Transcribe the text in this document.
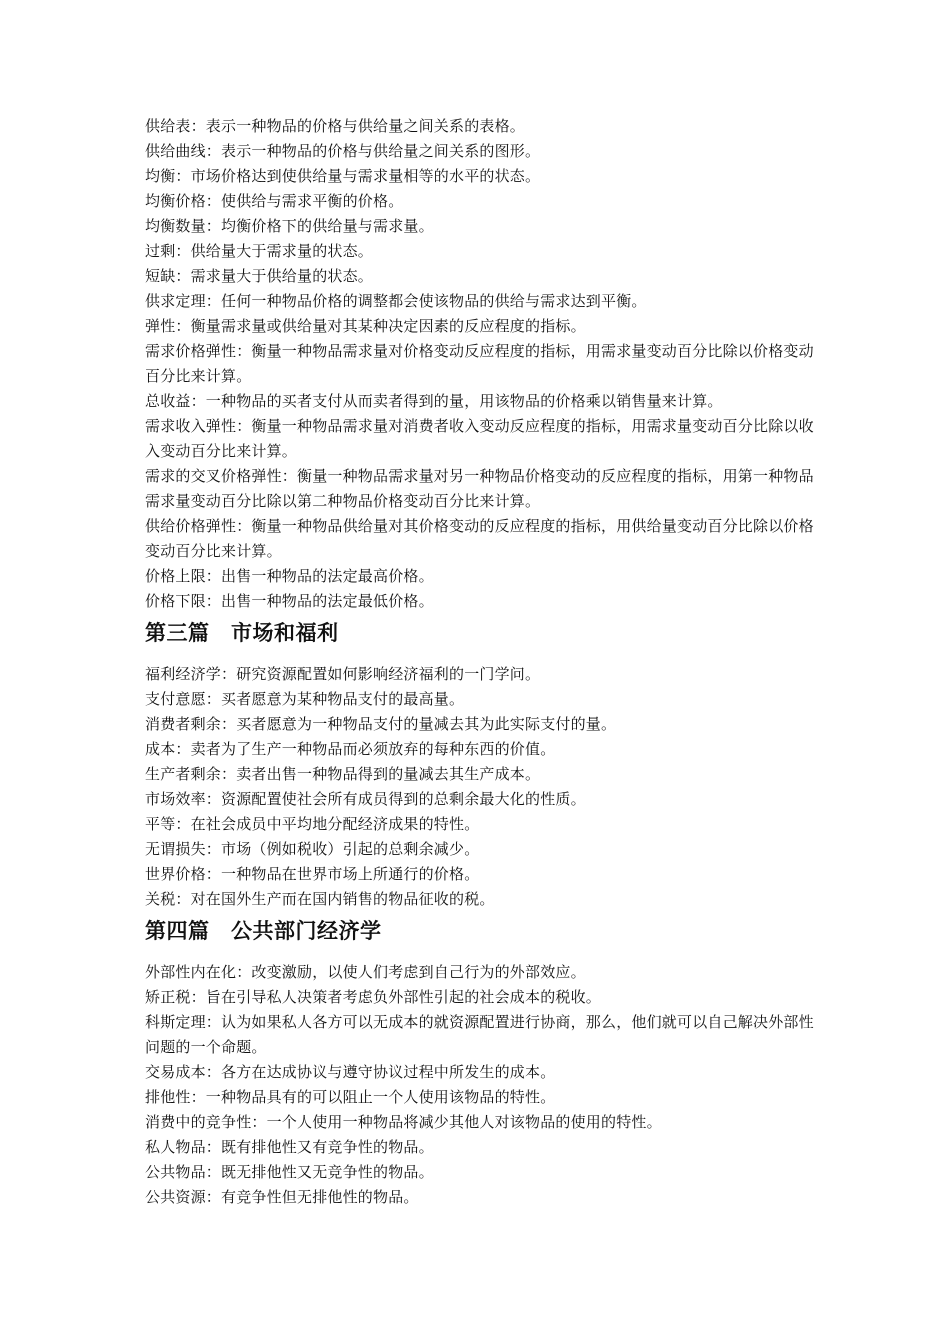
供给表：表示一种物品的价格与供给量之间关系的表格。

供给曲线：表示一种物品的价格与供给量之间关系的图形。

均衡：市场价格达到使供给量与需求量相等的水平的状态。

均衡价格：使供给与需求平衡的价格。

均衡数量：均衡价格下的供给量与需求量。

过剩：供给量大于需求量的状态。

短缺：需求量大于供给量的状态。

供求定理：任何一种物品价格的调整都会使该物品的供给与需求达到平衡。

弹性：衡量需求量或供给量对其某种决定因素的反应程度的指标。

需求价格弹性：衡量一种物品需求量对价格变动反应程度的指标，用需求量变动百分比除以价格变动百分比来计算。

总收益：一种物品的买者支付从而卖者得到的量，用该物品的价格乘以销售量来计算。

需求收入弹性：衡量一种物品需求量对消费者收入变动反应程度的指标，用需求量变动百分比除以收入变动百分比来计算。

需求的交叉价格弹性：衡量一种物品需求量对另一种物品价格变动的反应程度的指标，用第一种物品需求量变动百分比除以第二种物品价格变动百分比来计算。

供给价格弹性：衡量一种物品供给量对其价格变动的反应程度的指标，用供给量变动百分比除以价格变动百分比来计算。

价格上限：出售一种物品的法定最高价格。

价格下限：出售一种物品的法定最低价格。

第三篇 市场和福利

福利经济学：研究资源配置如何影响经济福利的一门学问。

支付意愿：买者愿意为某种物品支付的最高量。

消费者剩余：买者愿意为一种物品支付的量减去其为此实际支付的量。

成本：卖者为了生产一种物品而必须放弃的每种东西的价值。

生产者剩余：卖者出售一种物品得到的量减去其生产成本。

市场效率：资源配置使社会所有成员得到的总剩余最大化的性质。

平等：在社会成员中平均地分配经济成果的特性。

无谓损失：市场（例如税收）引起的总剩余减少。

世界价格：一种物品在世界市场上所通行的价格。

关税：对在国外生产而在国内销售的物品征收的税。

第四篇 公共部门经济学

外部性内在化：改变激励，以使人们考虑到自己行为的外部效应。

矫正税：旨在引导私人决策者考虑负外部性引起的社会成本的税收。

科斯定理：认为如果私人各方可以无成本的就资源配置进行协商，那么，他们就可以自己解决外部性问题的一个命题。

交易成本：各方在达成协议与遵守协议过程中所发生的成本。

排他性：一种物品具有的可以阻止一个人使用该物品的特性。

消费中的竞争性：一个人使用一种物品将减少其他人对该物品的使用的特性。

私人物品：既有排他性又有竞争性的物品。

公共物品：既无排他性又无竞争性的物品。

公共资源：有竞争性但无排他性的物品。
